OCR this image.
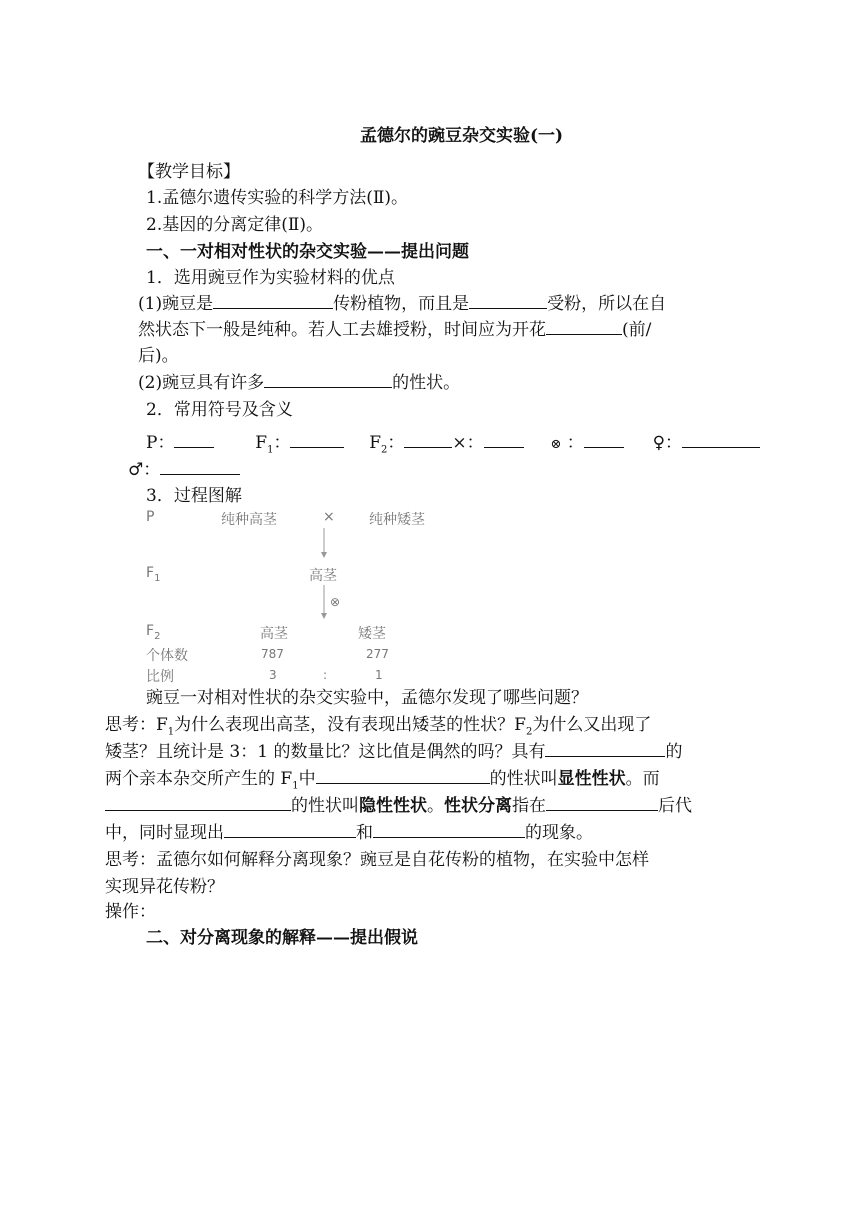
孟德尔的豌豆杂交实验(一)
【教学目标】
1.孟德尔遗传实验的科学方法(Ⅱ)。
2.基因的分离定律(Ⅱ)。
一、一对相对性状的杂交实验——提出问题
1．选用豌豆作为实验材料的优点
(1)豌豆是	传粉植物，而且是	受粉，所以在自
然状态下一般是纯种。若人工去雄授粉，时间应为开花	(前/
后)。
(2)豌豆具有许多	的性状。
2．常用符号及含义
P：	$F_1$：	$F_2$：	×：	⊗ ：	♀：
♂：
3．过程图解
P	纯种高茎	× 纯种矮茎
$F_1$	高茎
⊗
$F_2$	高茎	矮茎
个体数	787	277
比例	3	:	1
豌豆一对相对性状的杂交实验中，孟德尔发现了哪些问题？
思考：$F_1$为什么表现出高茎，没有表现出矮茎的性状？$F_2$为什么又出现了
矮茎？且统计是 3：1 的数量比？这比值是偶然的吗？具有	的
两个亲本杂交所产生的 $F_1$中	的性状叫显性性状。而
的性状叫隐性性状。性状分离指在	后代
中，同时显现出	和	的现象。
思考：孟德尔如何解释分离现象？豌豆是自花传粉的植物，在实验中怎样
实现异花传粉？
操作：
二、对分离现象的解释——提出假说
